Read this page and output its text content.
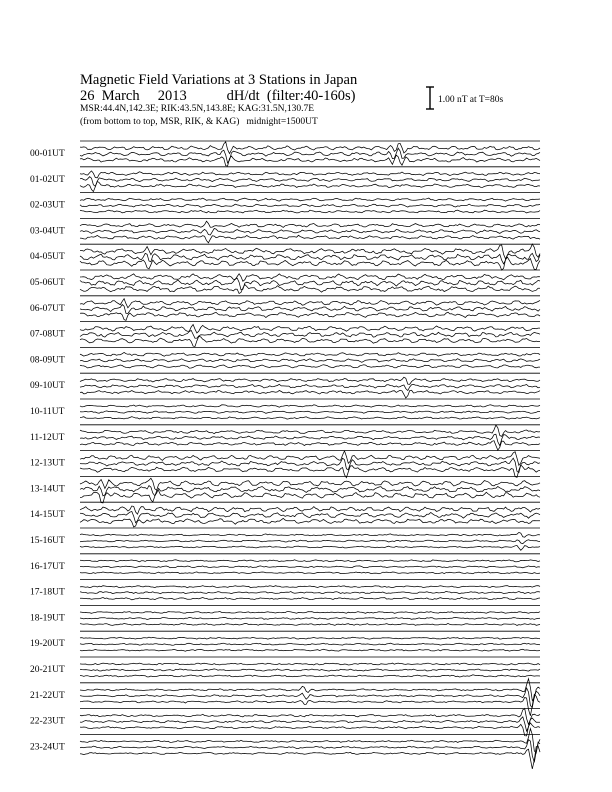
Magnetic Field Variations at 3 Stations in Japan
26  March     2013	dH/dt  (filter:40-160s)
MSR:44.4N,142.3E; RIK:43.5N,143.8E; KAG:31.5N,130.7E
(from bottom to top, MSR, RIK, & KAG)   midnight=1500UT
1.00 nT at T=80s
00-01UT
01-02UT
02-03UT
03-04UT
04-05UT
05-06UT
06-07UT
07-08UT
08-09UT
09-10UT
10-11UT
11-12UT
12-13UT
13-14UT
14-15UT
15-16UT
16-17UT
17-18UT
18-19UT
19-20UT
20-21UT
21-22UT
22-23UT
23-24UT
